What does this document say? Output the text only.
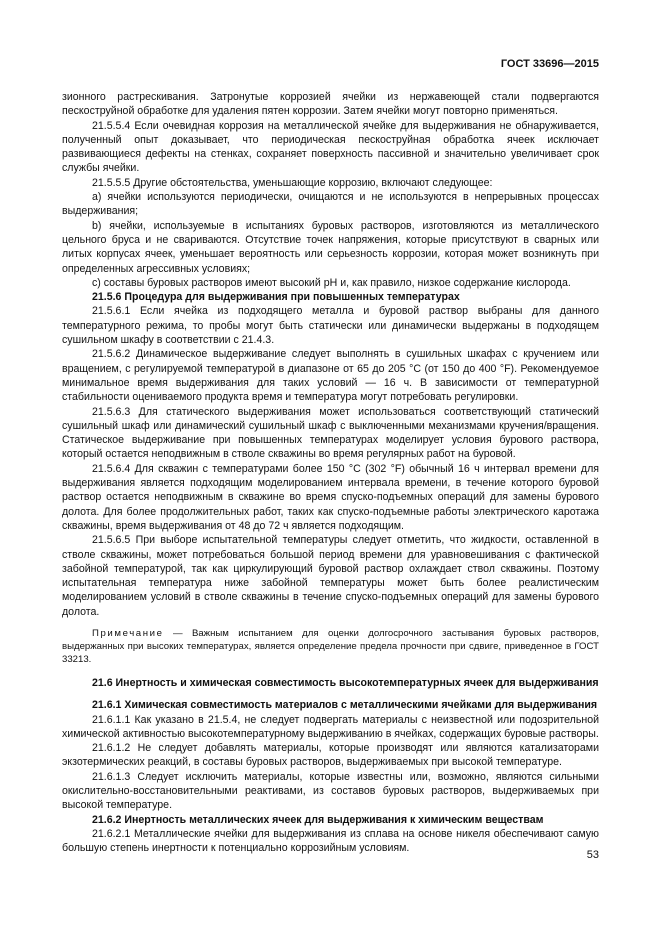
ГОСТ 33696—2015

зионного растрескивания. Затронутые коррозией ячейки из нержавеющей стали подвергаются пескоструйной обработке для удаления пятен коррозии. Затем ячейки могут повторно применяться.

21.5.5.4 Если очевидная коррозия на металлической ячейке для выдерживания не обнаруживается, полученный опыт доказывает, что периодическая пескоструйная обработка ячеек исключает развивающиеся дефекты на стенках, сохраняет поверхность пассивной и значительно увеличивает срок службы ячейки.

21.5.5.5 Другие обстоятельства, уменьшающие коррозию, включают следующее:

а) ячейки используются периодически, очищаются и не используются в непрерывных процессах выдерживания;

b) ячейки, используемые в испытаниях буровых растворов, изготовляются из металлического цельного бруса и не свариваются. Отсутствие точек напряжения, которые присутствуют в сварных или литых корпусах ячеек, уменьшает вероятность или серьезность коррозии, которая может возникнуть при определенных агрессивных условиях;

с) составы буровых растворов имеют высокий рН и, как правило, низкое содержание кислорода.

21.5.6 Процедура для выдерживания при повышенных температурах

21.5.6.1 Если ячейка из подходящего металла и буровой раствор выбраны для данного температурного режима, то пробы могут быть статически или динамически выдержаны в подходящем сушильном шкафу в соответствии с 21.4.3.

21.5.6.2 Динамическое выдерживание следует выполнять в сушильных шкафах с кручением или вращением, с регулируемой температурой в диапазоне от 65 до 205 °С (от 150 до 400 °F). Рекомендуемое минимальное время выдерживания для таких условий — 16 ч. В зависимости от температурной стабильности оцениваемого продукта время и температура могут потребовать регулировки.

21.5.6.3 Для статического выдерживания может использоваться соответствующий статический сушильный шкаф или динамический сушильный шкаф с выключенными механизмами кручения/вращения. Статическое выдерживание при повышенных температурах моделирует условия бурового раствора, который остается неподвижным в стволе скважины во время регулярных работ на буровой.

21.5.6.4 Для скважин с температурами более 150 °С (302 °F) обычный 16 ч интервал времени для выдерживания является подходящим моделированием интервала времени, в течение которого буровой раствор остается неподвижным в скважине во время спуско-подъемных операций для замены бурового долота. Для более продолжительных работ, таких как спуско-подъемные работы электрического каротажа скважины, время выдерживания от 48 до 72 ч является подходящим.

21.5.6.5 При выборе испытательной температуры следует отметить, что жидкости, оставленной в стволе скважины, может потребоваться большой период времени для уравновешивания с фактической забойной температурой, так как циркулирующий буровой раствор охлаждает ствол скважины. Поэтому испытательная температура ниже забойной температуры может быть более реалистическим моделированием условий в стволе скважины в течение спуско-подъемных операций для замены бурового долота.

Примечание — Важным испытанием для оценки долгосрочного застывания буровых растворов, выдержанных при высоких температурах, является определение предела прочности при сдвиге, приведенное в ГОСТ 33213.

21.6 Инертность и химическая совместимость высокотемпературных ячеек для выдерживания

21.6.1 Химическая совместимость материалов с металлическими ячейками для выдерживания

21.6.1.1 Как указано в 21.5.4, не следует подвергать материалы с неизвестной или подозрительной химической активностью высокотемпературному выдерживанию в ячейках, содержащих буровые растворы.

21.6.1.2 Не следует добавлять материалы, которые производят или являются катализаторами экзотермических реакций, в составы буровых растворов, выдерживаемых при высокой температуре.

21.6.1.3 Следует исключить материалы, которые известны или, возможно, являются сильными окислительно-восстановительными реактивами, из составов буровых растворов, выдерживаемых при высокой температуре.

21.6.2 Инертность металлических ячеек для выдерживания к химическим веществам

21.6.2.1 Металлические ячейки для выдерживания из сплава на основе никеля обеспечивают самую большую степень инертности к потенциально коррозийным условиям.

53
